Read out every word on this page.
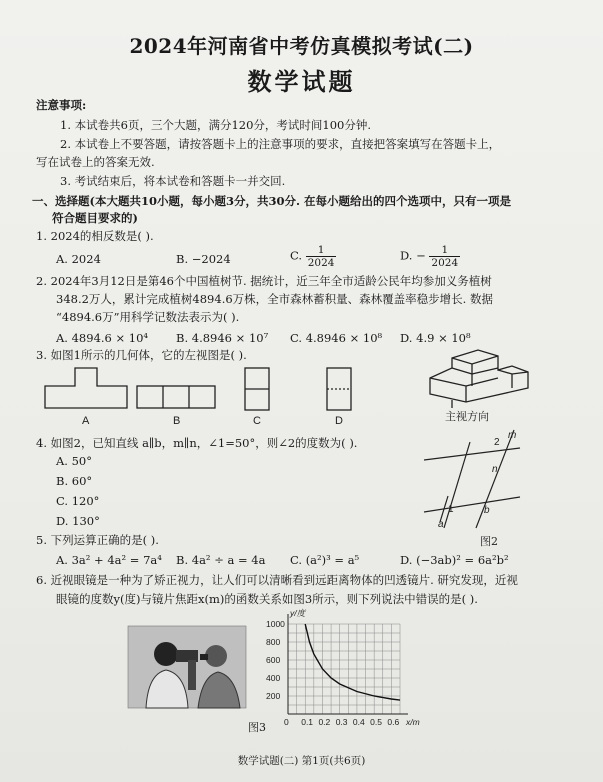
2024年河南省中考仿真模拟考试(二)
数学试题
注意事项:
1. 本试卷共6页，三个大题，满分120分，考试时间100分钟.
2. 本试卷上不要答题，请按答题卡上的注意事项的要求，直接把答案填写在答题卡上，
写在试卷上的答案无效.
3. 考试结束后，将本试卷和答题卡一并交回.
一、选择题(本大题共10小题，每小题3分，共30分. 在每小题给出的四个选项中，只有一项是
符合题目要求的)
1. 2024的相反数是( ).
A. 2024	B. −2024	C. $\frac{1}{2024}$	D. − $\frac{1}{2024}$
2. 2024年3月12日是第46个中国植树节. 据统计，近三年全市适龄公民年均参加义务植树
348.2万人，累计完成植树4894.6万株，全市森林蓄积量、森林覆盖率稳步增长. 数据
“4894.6万”用科学记数法表示为( ).
A. 4894.6 × 10⁴ B. 4.8946 × 10⁷ C. 4.8946 × 10⁸ D. 4.9 × 10⁸
3. 如图1所示的几何体，它的左视图是( ).
A	B	C	D	主视方向
m
n
a
b
1
2
图2
4. 如图2，已知直线 a∥b，m∥n，∠1=50°，则∠2的度数为( ).
A. 50°
B. 60°
C. 120°
D. 130°
5. 下列运算正确的是( ).
A. 3a² + 4a² = 7a⁴ B. 4a² ÷ a = 4a C. (a²)³ = a⁵	D. (−3ab)² = 6a²b²
6. 近视眼镜是一种为了矫正视力，让人们可以清晰看到远距离物体的凹透镜片. 研究发现，近视
眼镜的度数y(度)与镜片焦距x(m)的函数关系如图3所示，则下列说法中错误的是( ).
0 0.1 0.2 0.3 0.4 0.5 0.6
1000
800
600
400
200
x/m
y/度
图3
数学试题(二) 第1页(共6页)
